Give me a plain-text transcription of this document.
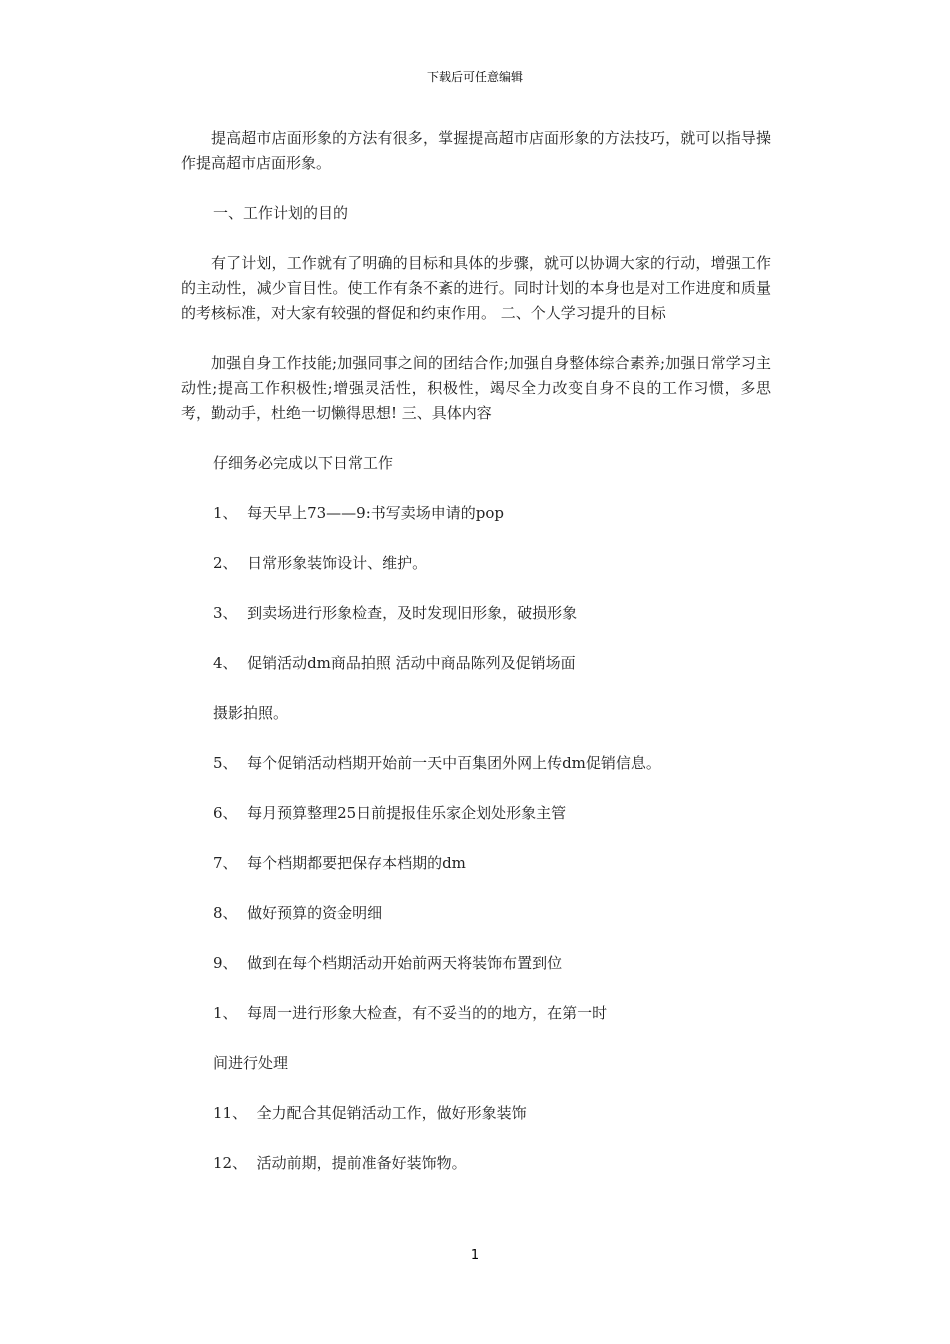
下载后可任意编辑

提高超市店面形象的方法有很多，掌握提高超市店面形象的方法技巧，就可以指导操作提高超市店面形象。

一、工作计划的目的

有了计划，工作就有了明确的目标和具体的步骤，就可以协调大家的行动，增强工作的主动性，减少盲目性。使工作有条不紊的进行。同时计划的本身也是对工作进度和质量的考核标准，对大家有较强的督促和约束作用。 二、个人学习提升的目标

加强自身工作技能;加强同事之间的团结合作;加强自身整体综合素养;加强日常学习主动性;提高工作积极性;增强灵活性，积极性，竭尽全力改变自身不良的工作习惯，多思考，勤动手，杜绝一切懒得思想! 三、具体内容

仔细务必完成以下日常工作

1、  每天早上73——9:书写卖场申请的pop

2、  日常形象装饰设计、维护。

3、  到卖场进行形象检查，及时发现旧形象，破损形象

4、  促销活动dm商品拍照 活动中商品陈列及促销场面

摄影拍照。

5、  每个促销活动档期开始前一天中百集团外网上传dm促销信息。

6、  每月预算整理25日前提报佳乐家企划处形象主管

7、  每个档期都要把保存本档期的dm

8、  做好预算的资金明细

9、  做到在每个档期活动开始前两天将装饰布置到位

1、  每周一进行形象大检查，有不妥当的的地方，在第一时

间进行处理

11、  全力配合其促销活动工作，做好形象装饰

12、  活动前期，提前准备好装饰物。

1
